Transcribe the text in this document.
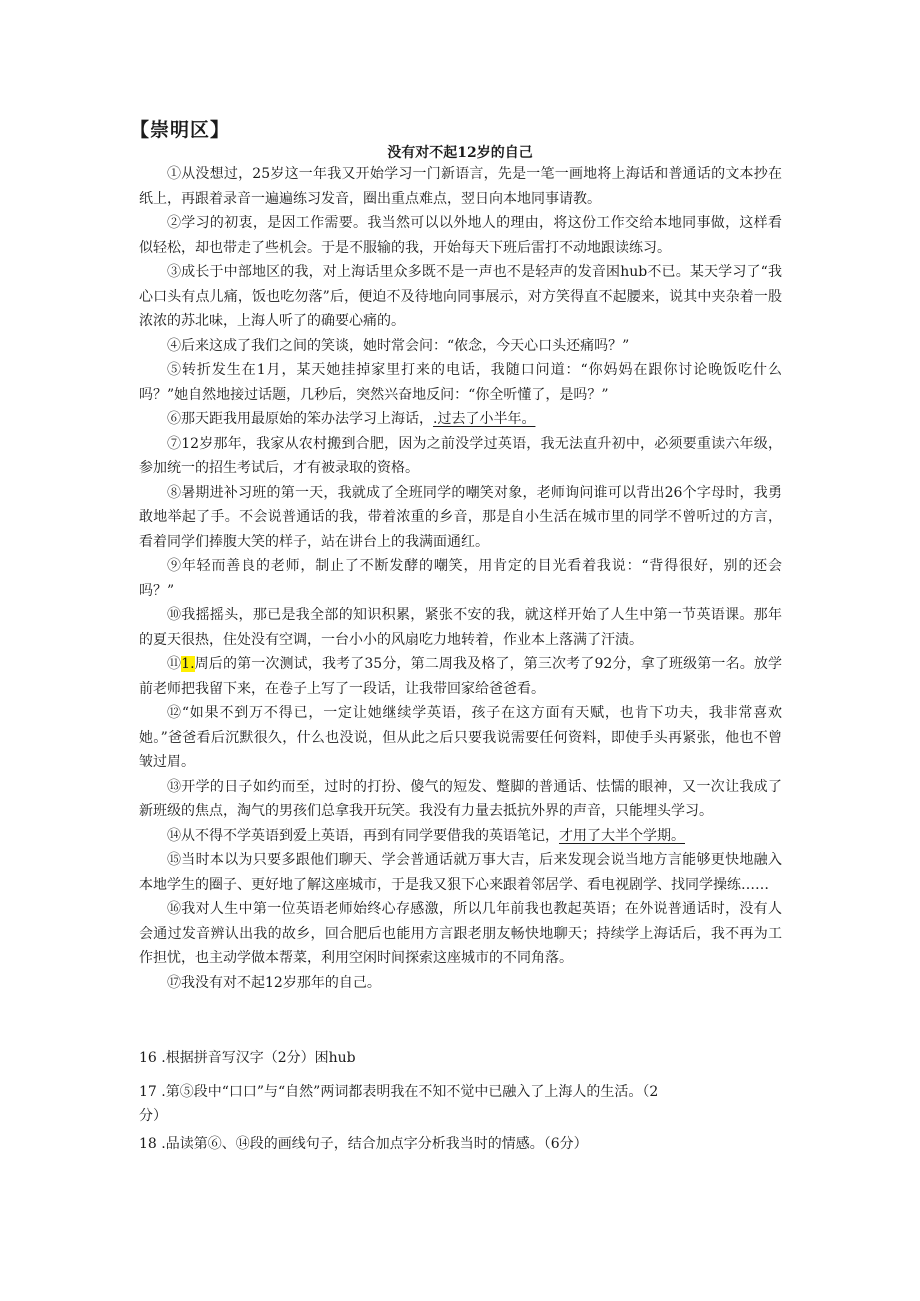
【崇明区】
没有对不起12岁的自己

①从没想过，25岁这一年我又开始学习一门新语言，先是一笔一画地将上海话和普通话的文本抄在纸上，再跟着录音一遍遍练习发音，圈出重点难点，翌日向本地同事请教。

②学习的初衷，是因工作需要。我当然可以以外地人的理由，将这份工作交给本地同事做，这样看似轻松，却也带走了些机会。于是不服输的我，开始每天下班后雷打不动地跟读练习。

③成长于中部地区的我，对上海话里众多既不是一声也不是轻声的发音困hub不已。某天学习了“我心口头有点儿痛，饭也吃勿落”后，便迫不及待地向同事展示，对方笑得直不起腰来，说其中夹杂着一股浓浓的苏北味，上海人听了的确要心痛的。

④后来这成了我们之间的笑谈，她时常会问：“侬念，今天心口头还痛吗？”

⑤转折发生在1月，某天她挂掉家里打来的电话，我随口问道：“你妈妈在跟你讨论晚饭吃什么吗？”她自然地接过话题，几秒后，突然兴奋地反问：“你全听懂了，是吗？”

⑥那天距我用最原始的笨办法学习上海话，.过去了小半年。

⑦12岁那年，我家从农村搬到合肥，因为之前没学过英语，我无法直升初中，必须要重读六年级，参加统一的招生考试后，才有被录取的资格。

⑧暑期进补习班的第一天，我就成了全班同学的嘲笑对象，老师询问谁可以背出26个字母时，我勇敢地举起了手。不会说普通话的我，带着浓重的乡音，那是自小生活在城市里的同学不曾听过的方言，看着同学们捧腹大笑的样子，站在讲台上的我满面通红。

⑨年轻而善良的老师，制止了不断发酵的嘲笑，用肯定的目光看着我说：“背得很好，别的还会吗？”

⑩我摇摇头，那已是我全部的知识积累，紧张不安的我，就这样开始了人生中第一节英语课。那年的夏天很热，住处没有空调，一台小小的风扇吃力地转着，作业本上落满了汗渍。

⑪1.周后的第一次测试，我考了35分，第二周我及格了，第三次考了92分，拿了班级第一名。放学前老师把我留下来，在卷子上写了一段话，让我带回家给爸爸看。

⑫“如果不到万不得已，一定让她继续学英语，孩子在这方面有天赋，也肯下功夫，我非常喜欢她。”爸爸看后沉默很久，什么也没说，但从此之后只要我说需要任何资料，即使手头再紧张，他也不曾皱过眉。

⑬开学的日子如约而至，过时的打扮、傻气的短发、蹩脚的普通话、怯懦的眼神，又一次让我成了新班级的焦点，淘气的男孩们总拿我开玩笑。我没有力量去抵抗外界的声音，只能埋头学习。

⑭从不得不学英语到爱上英语，再到有同学要借我的英语笔记，才用了大半个学期。

⑮当时本以为只要多跟他们聊天、学会普通话就万事大吉，后来发现会说当地方言能够更快地融入本地学生的圈子、更好地了解这座城市，于是我又狠下心来跟着邻居学、看电视剧学、找同学操练……

⑯我对人生中第一位英语老师始终心存感激，所以几年前我也教起英语；在外说普通话时，没有人会通过发音辨认出我的故乡，回合肥后也能用方言跟老朋友畅快地聊天；持续学上海话后，我不再为工作担忧，也主动学做本帮菜，利用空闲时间探索这座城市的不同角落。

⑰我没有对不起12岁那年的自己。

16 .根据拼音写汉字（2分）困hub

17 .第⑤段中“口口”与“自然”两词都表明我在不知不觉中已融入了上海人的生活。（2

分）

18 .品读第⑥、⑭段的画线句子，结合加点字分析我当时的情感。（6分）
